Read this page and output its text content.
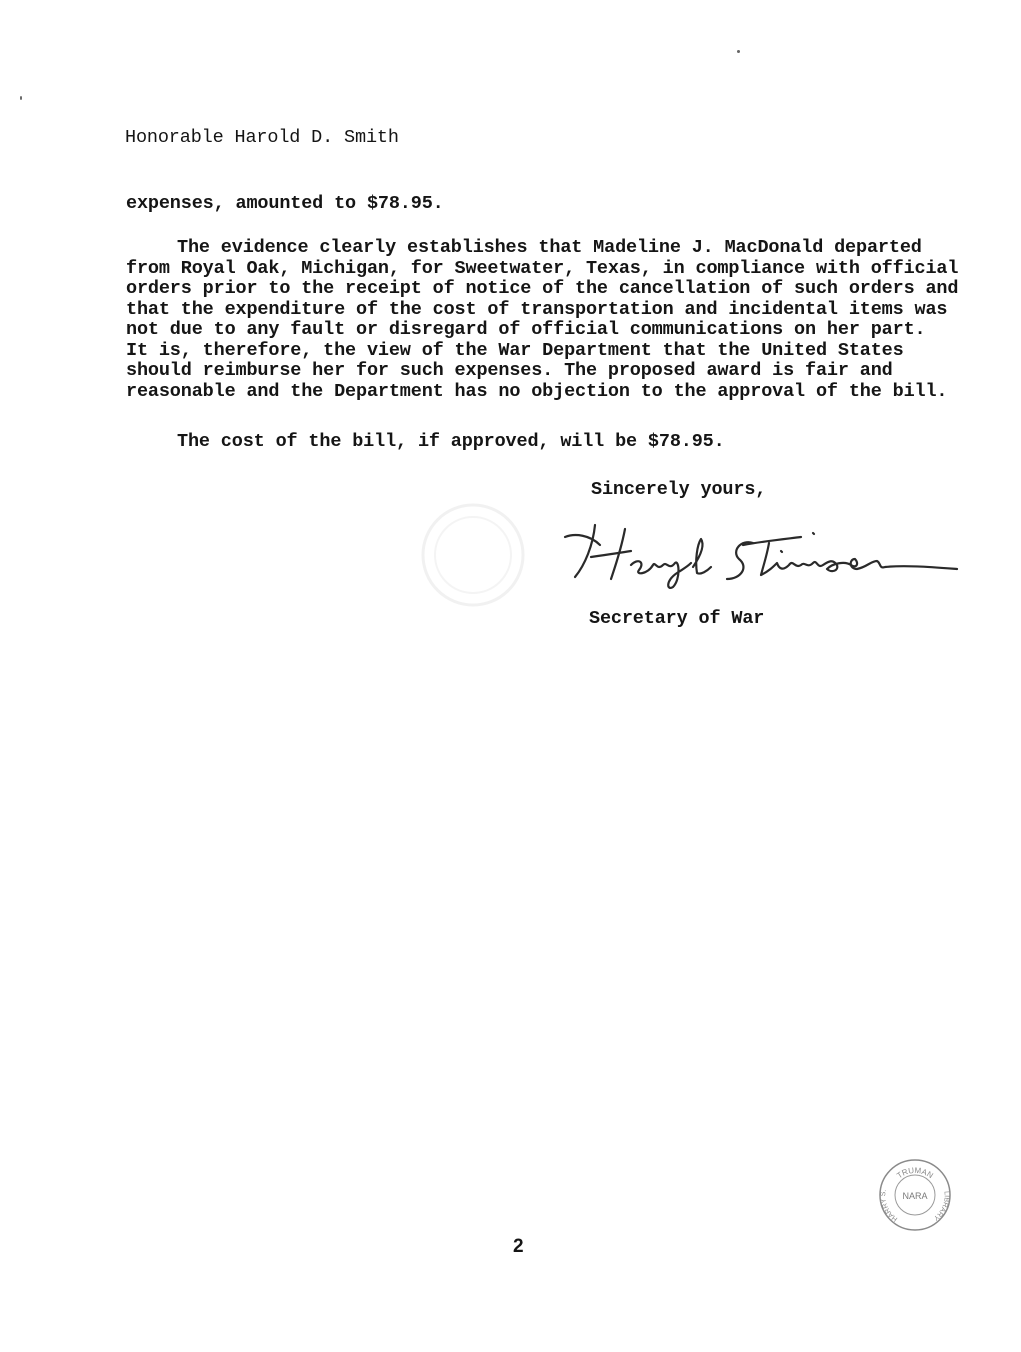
Honorable Harold D. Smith
expenses, amounted to $78.95.
The evidence clearly establishes that Madeline J. MacDonald departed
from Royal Oak, Michigan, for Sweetwater, Texas, in compliance with official
orders prior to the receipt of notice of the cancellation of such orders and
that the expenditure of the cost of transportation and incidental items was
not due to any fault or disregard of official communications on her part.
It is, therefore, the view of the War Department that the United States
should reimburse her for such expenses. The proposed award is fair and
reasonable and the Department has no objection to the approval of the bill.
The cost of the bill, if approved, will be $78.95.
Sincerely yours,
Secretary of War
TRUMAN
HARRY S.
LIBRARY
NARA
2
